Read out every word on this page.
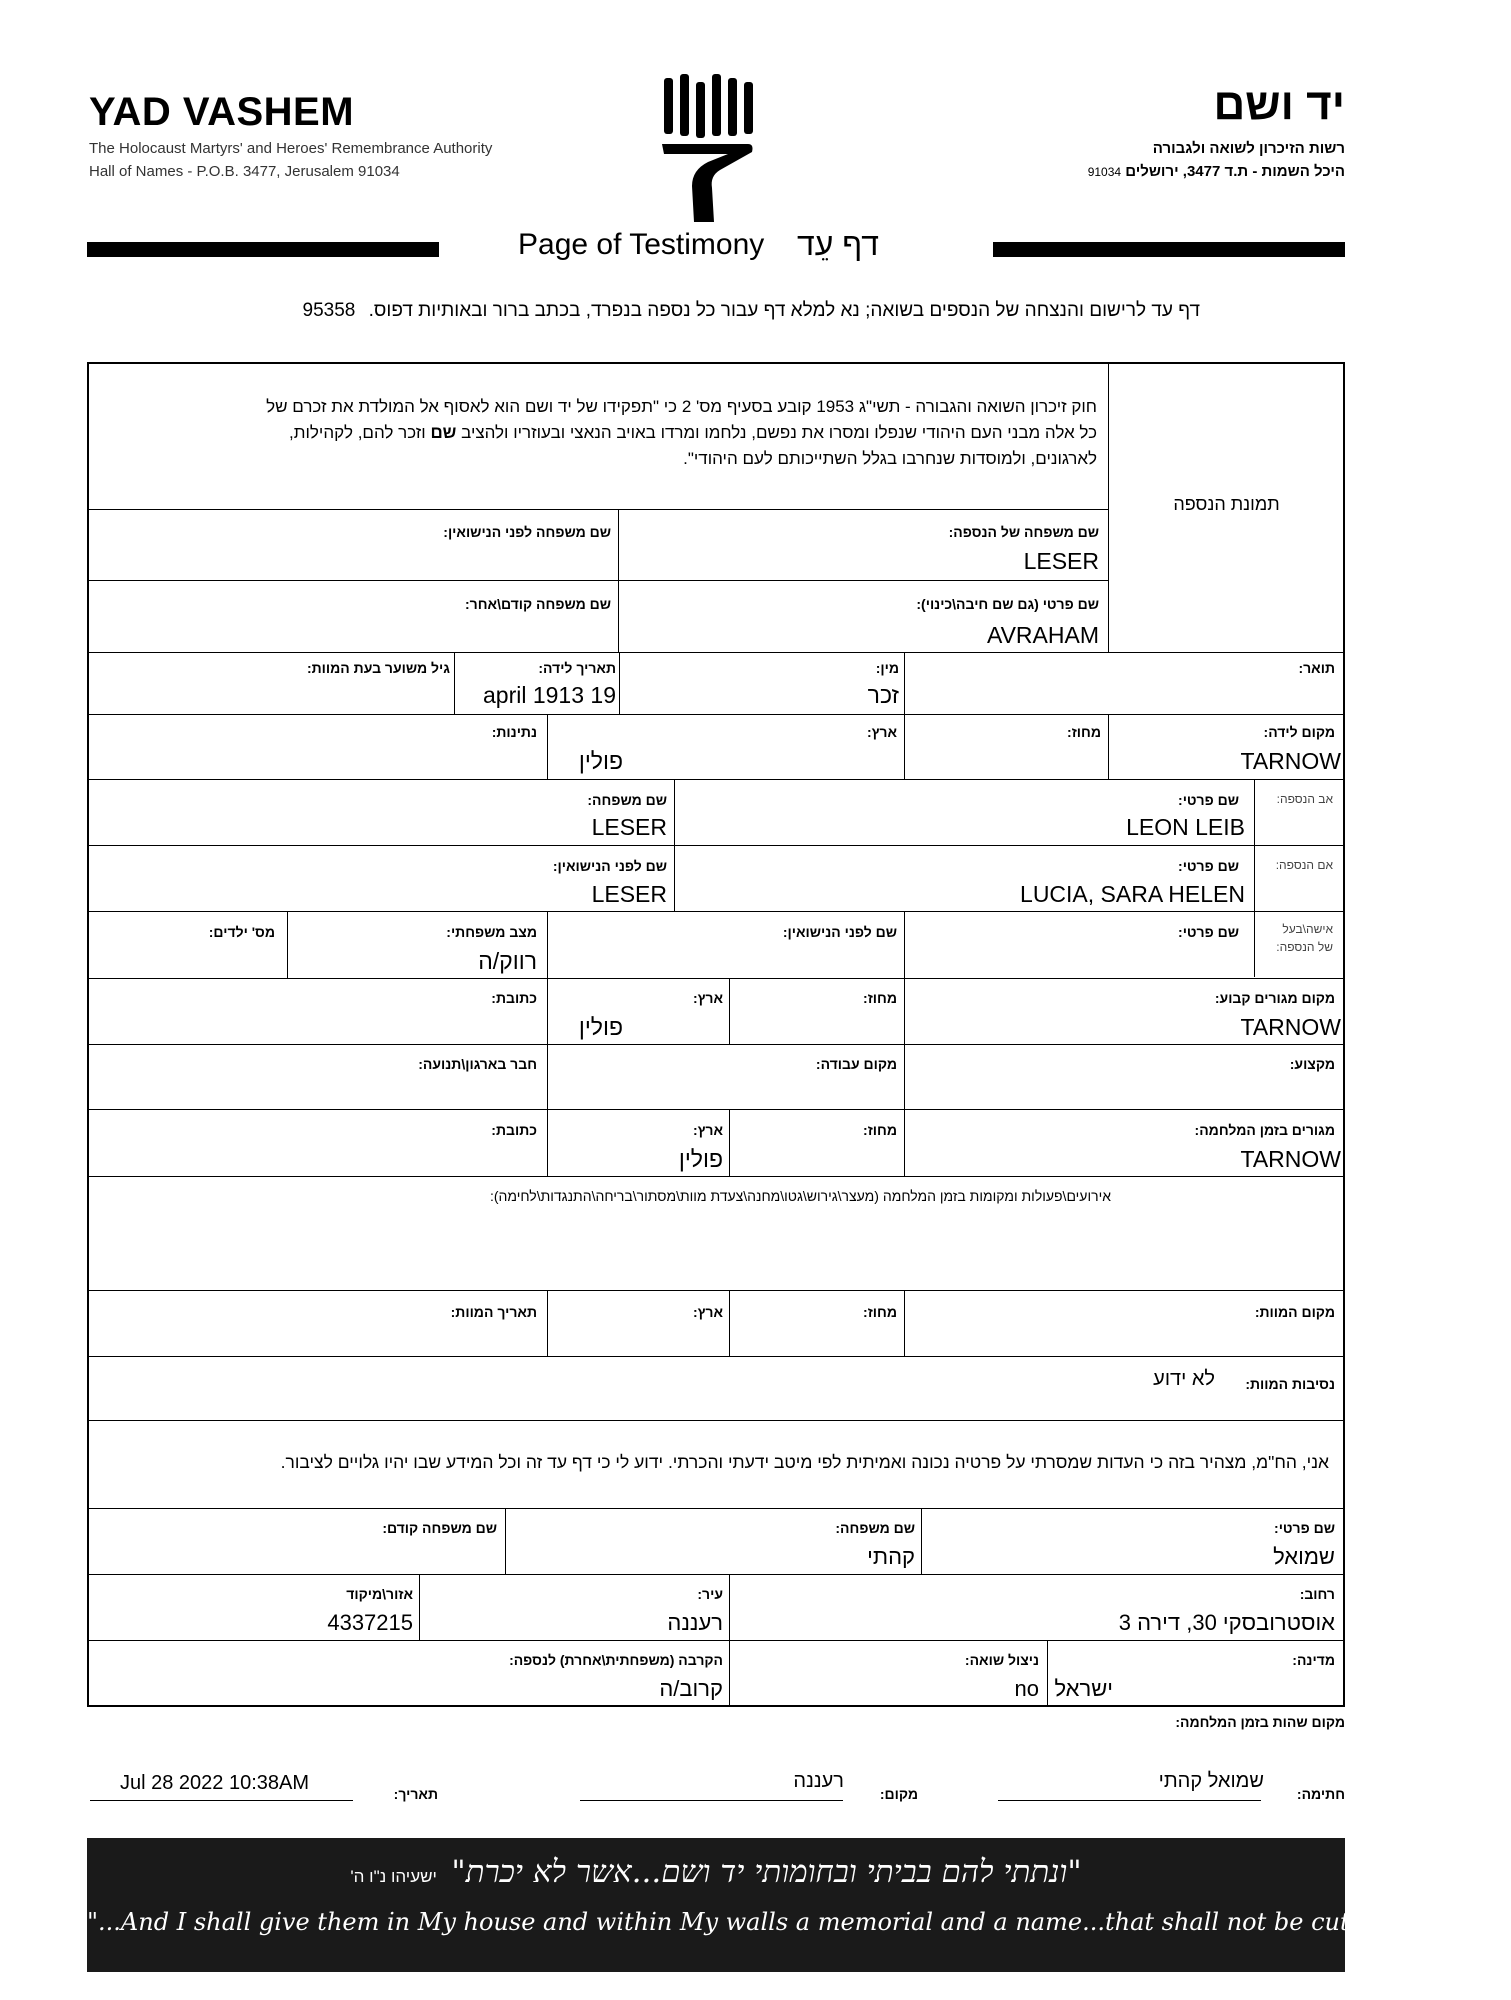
YAD VASHEM
The Holocaust Martyrs' and Heroes' Remembrance Authority
Hall of Names - P.O.B. 3477, Jerusalem 91034
יד ושם
רשות הזיכרון לשואה ולגבורה
היכל השמות - ת.ד 3477, ירושלים 91034
Page of Testimony דף עֵד
דף עד לרישום והנצחה של הנספים בשואה; נא למלא דף עבור כל נספה בנפרד, בכתב ברור ובאותיות דפוס. 95358
חוק זיכרון השואה והגבורה - תשי"ג 1953 קובע בסעיף מס' 2 כי "תפקידו של יד ושם הוא לאסוף אל המולדת את זכרם של
כל אלה מבני העם היהודי שנפלו ומסרו את נפשם, נלחמו ומרדו באויב הנאצי ובעוזריו ולהציב שם וזכר להם, לקהילות,
לארגונים, ולמוסדות שנחרבו בגלל השתייכותם לעם היהודי".
תמונת הנספה
שם משפחה של הנספה:
LESER
שם משפחה לפני הנישואין:
שם פרטי (גם שם חיבה\כינוי):
AVRAHAM
שם משפחה קודם\אחר:
תואר:
מין:
זכר
תאריך לידה:
19 april 1913
גיל משוער בעת המוות:
מקום לידה:
TARNOW
מחוז:
ארץ:
פולין
נתינות:
אב הנספה:
שם פרטי:
LEON LEIB
שם משפחה:
LESER
אם הנספה:
שם פרטי:
LUCIA, SARA HELEN
שם לפני הנישואין:
LESER
אישה\בעל
של הנספה:
שם פרטי:
שם לפני הנישואין:
מצב משפחתי:
רווק/ה
מס' ילדים:
מקום מגורים קבוע:
TARNOW
מחוז:
ארץ:
פולין
כתובת:
מקצוע:
מקום עבודה:
חבר בארגון\תנועה:
מגורים בזמן המלחמה:
TARNOW
מחוז:
ארץ:
פולין
כתובת:
אירועים\פעולות ומקומות בזמן המלחמה (מעצר\גירוש\גטו\מחנה\צעדת מוות\מסתור\בריחה\התנגדות\לחימה):
מקום המוות:
מחוז:
ארץ:
תאריך המוות:
נסיבות המוות:
לא ידוע
אני, הח"מ, מצהיר בזה כי העדות שמסרתי על פרטיה נכונה ואמיתית לפי מיטב ידעתי והכרתי. ידוע לי כי דף עד זה וכל המידע שבו יהיו גלויים לציבור.
שם פרטי:
שמואל
שם משפחה:
קהתי
שם משפחה קודם:
רחוב:
אוסטרובסקי 30, דירה 3
עיר:
רעננה
אזור\מיקוד
4337215
מדינה:
ישראל
ניצול שואה:
no
הקרבה (משפחתית\אחרת) לנספה:
קרוב/ה
מקום שהות בזמן המלחמה:
חתימה:
שמואל קהתי
מקום:
רעננה
תאריך:
Jul 28 2022 10:38AM
"ונתתי להם בביתי ובחומותי יד ושם...אשר לא יכרת" ישעיהו נ"ו ה'
"...And I shall give them in My house and within My walls a memorial and a name...that shall not be cut off" Isaiah, 56:5
